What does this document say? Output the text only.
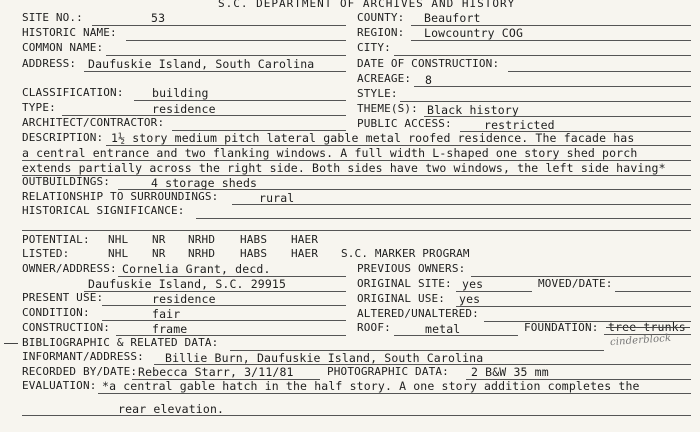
S.C. DEPARTMENT OF ARCHIVES AND HISTORY
SITE NO.:	53
HISTORIC NAME:
COMMON NAME:
ADDRESS: Daufuskie Island, South Carolina
CLASSIFICATION: building
TYPE:	residence
ARCHITECT/CONTRACTOR:
COUNTY: Beaufort
REGION: Lowcountry COG
CITY:
DATE OF CONSTRUCTION:
ACREAGE: 8
STYLE:
THEME(S): Black history
PUBLIC ACCESS:	restricted
DESCRIPTION: 1½ story medium pitch lateral gable metal roofed residence. The facade has
a central entrance and two flanking windows. A full width L-shaped one story shed porch
extends partially across the right side. Both sides have two windows, the left side having*
OUTBUILDINGS:	4 storage sheds
RELATIONSHIP TO SURROUNDINGS:	rural
HISTORICAL SIGNIFICANCE:
POTENTIAL: NHL NR NRHD HABS HAER
LISTED:	NHL NR NRHD HABS HAER S.C. MARKER PROGRAM
OWNER/ADDRESS: Cornelia Grant, decd.
Daufuskie Island, S.C. 29915
PREVIOUS OWNERS:
ORIGINAL SITE: yes	MOVED/DATE:
PRESENT USE:	residence	ORIGINAL USE: yes
CONDITION:	fair	ALTERED/UNALTERED:
CONSTRUCTION:	frame	ROOF:	metal	FOUNDATION: tree trunks
cinderblock
BIBLIOGRAPHIC & RELATED DATA:
INFORMANT/ADDRESS: Billie Burn, Daufuskie Island, South Carolina
RECORDED BY/DATE: Rebecca Starr, 3/11/81	PHOTOGRAPHIC DATA: 2 B&W 35 mm
EVALUATION: *a central gable hatch in the half story. A one story addition completes the
rear elevation.
